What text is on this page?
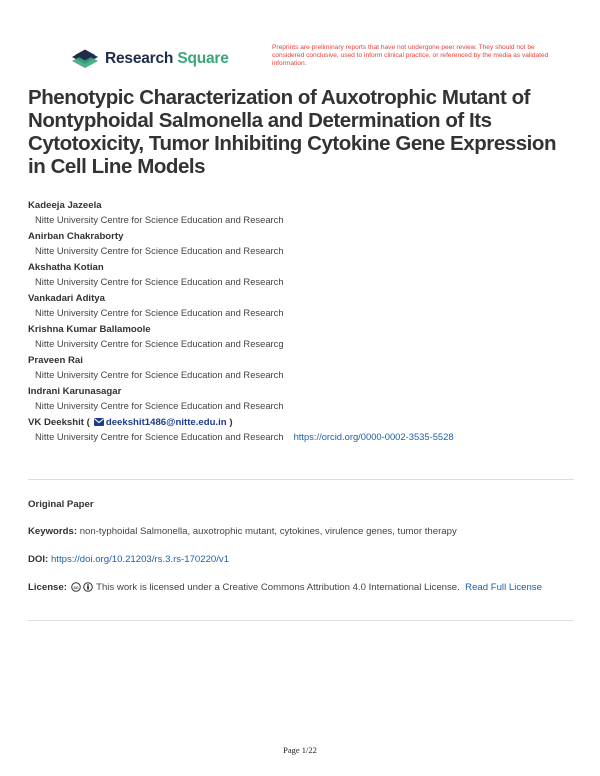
Research Square
Preprints are preliminary reports that have not undergone peer review. They should not be considered conclusive, used to inform clinical practice, or referenced by the media as validated information.
Phenotypic Characterization of Auxotrophic Mutant of Nontyphoidal Salmonella and Determination of Its Cytotoxicity, Tumor Inhibiting Cytokine Gene Expression in Cell Line Models
Kadeeja Jazeela
Nitte University Centre for Science Education and Research
Anirban Chakraborty
Nitte University Centre for Science Education and Research
Akshatha Kotian
Nitte University Centre for Science Education and Research
Vankadari Aditya
Nitte University Centre for Science Education and Research
Krishna Kumar Ballamoole
Nitte University Centre for Science Education and Researcg
Praveen Rai
Nitte University Centre for Science Education and Research
Indrani Karunasagar
Nitte University Centre for Science Education and Research
VK Deekshit ( deekshit1486@nitte.edu.in )
Nitte University Centre for Science Education and Research https://orcid.org/0000-0002-3535-5528
Original Paper
Keywords: non-typhoidal Salmonella, auxotrophic mutant, cytokines, virulence genes, tumor therapy
DOI: https://doi.org/10.21203/rs.3.rs-170220/v1
License: cc This work is licensed under a Creative Commons Attribution 4.0 International License. Read Full License
Page 1/22
